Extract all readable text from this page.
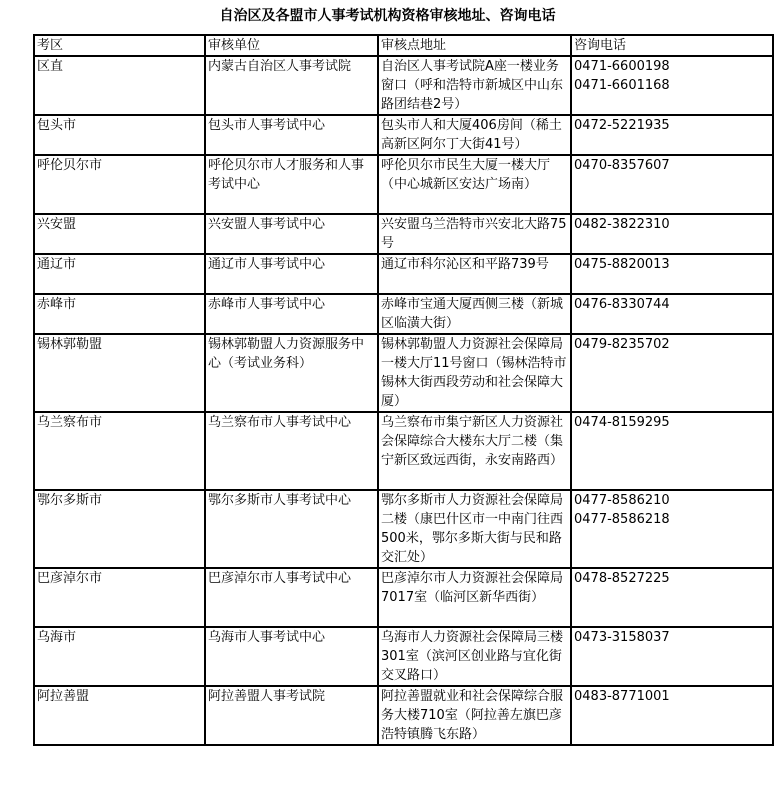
自治区及各盟市人事考试机构资格审核地址、咨询电话
考区	审核单位	审核点地址	咨询电话
区直	内蒙古自治区人事考试院	自治区人事考试院A座一楼业务窗口（呼和浩特市新城区中山东路团结巷2号）	0471-6600198
0471-6601168

包头市	包头市人事考试中心	包头市人和大厦406房间（稀土高新区阿尔丁大街41号）	0472-5221935

呼伦贝尔市	呼伦贝尔市人才服务和人事考试中心	呼伦贝尔市民生大厦一楼大厅（中心城新区安达广场南）	0470-8357607

兴安盟	兴安盟人事考试中心	兴安盟乌兰浩特市兴安北大路75号	0482-3822310

通辽市	通辽市人事考试中心	通辽市科尔沁区和平路739号	0475-8820013

赤峰市	赤峰市人事考试中心	赤峰市宝通大厦西侧三楼（新城区临潢大街）	0476-8330744

锡林郭勒盟	锡林郭勒盟人力资源服务中心（考试业务科）	锡林郭勒盟人力资源社会保障局一楼大厅11号窗口（锡林浩特市锡林大街西段劳动和社会保障大厦）	0479-8235702

乌兰察布市	乌兰察布市人事考试中心	乌兰察布市集宁新区人力资源社会保障综合大楼东大厅二楼（集宁新区致远西街，永安南路西）	0474-8159295

鄂尔多斯市	鄂尔多斯市人事考试中心	鄂尔多斯市人力资源社会保障局二楼（康巴什区市一中南门往西500米，鄂尔多斯大街与民和路交汇处）	0477-8586210
0477-8586218

巴彦淖尔市	巴彦淖尔市人事考试中心	巴彦淖尔市人力资源社会保障局7017室（临河区新华西街）	0478-8527225

乌海市	乌海市人事考试中心	乌海市人力资源社会保障局三楼301室（滨河区创业路与宜化街交叉路口）	0473-3158037

阿拉善盟	阿拉善盟人事考试院	阿拉善盟就业和社会保障综合服务大楼710室（阿拉善左旗巴彦浩特镇腾飞东路）	0483-8771001
